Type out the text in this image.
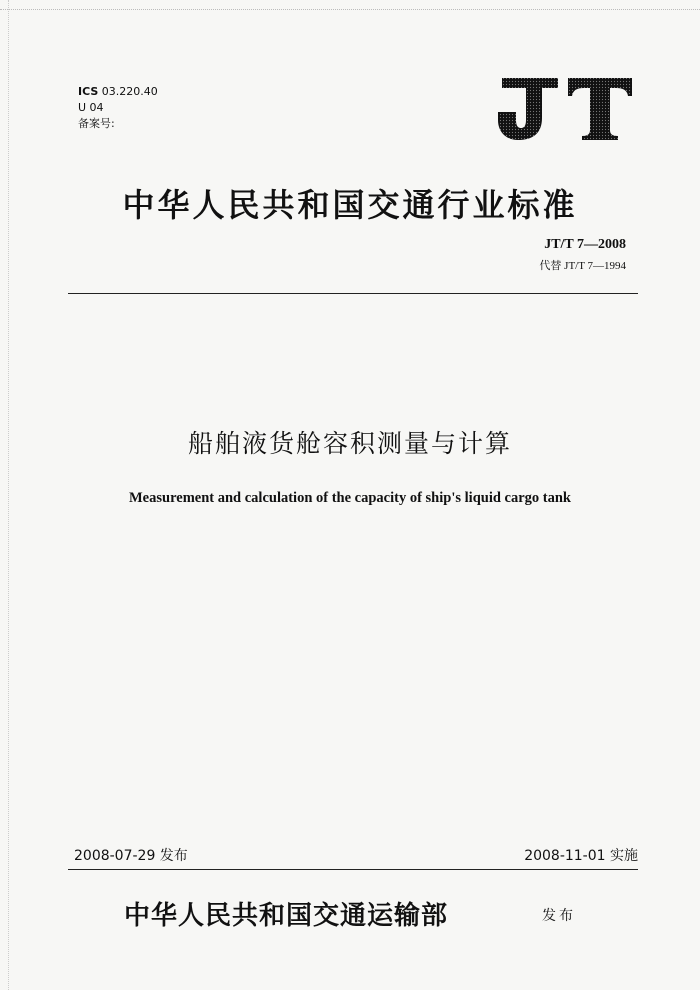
ICS 03.220.40
U 04
备案号:
中华人民共和国交通行业标准
JT/T 7—2008
代替 JT/T 7—1994
船舶液货舱容积测量与计算
Measurement and calculation of the capacity of ship's liquid cargo tank
2008-07-29 发布	2008-11-01 实施
中华人民共和国交通运输部	发布
